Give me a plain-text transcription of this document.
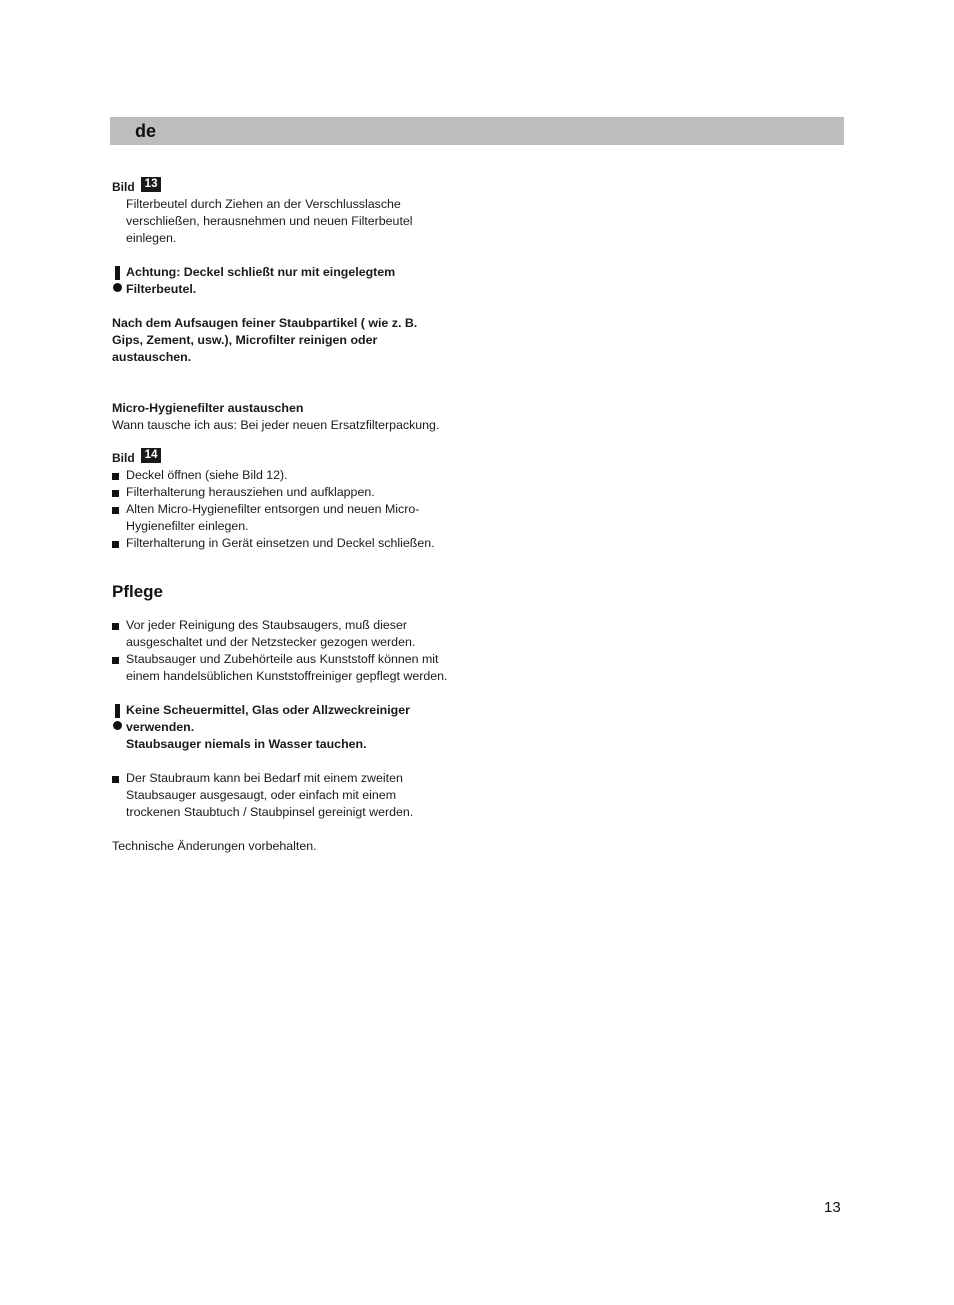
de
Bild 13
Filterbeutel durch Ziehen an der Verschlusslasche verschließen, herausnehmen und neuen Filterbeutel einlegen.
Achtung: Deckel schließt nur mit eingelegtem
Filterbeutel.
Nach dem Aufsaugen feiner Staubpartikel ( wie z. B. Gips, Zement, usw.), Microfilter reinigen oder austauschen.
Micro-Hygienefilter austauschen
Wann tausche ich aus: Bei jeder neuen Ersatzfilterpackung.
Bild 14
Deckel öffnen (siehe Bild 12).
Filterhalterung herausziehen und aufklappen.
Alten Micro-Hygienefilter entsorgen und neuen Micro-Hygienefilter einlegen.
Filterhalterung in Gerät einsetzen und Deckel schließen.
Pflege
Vor jeder Reinigung des Staubsaugers, muß dieser ausgeschaltet und der Netzstecker gezogen werden.
Staubsauger und Zubehörteile aus Kunststoff können mit einem handelsüblichen Kunststoffreiniger gepflegt werden.
Keine Scheuermittel, Glas oder Allzweckreiniger
verwenden.
Staubsauger niemals in Wasser tauchen.
Der Staubraum kann bei Bedarf mit einem zweiten Staubsauger ausgesaugt, oder einfach mit einem trockenen Staubtuch / Staubpinsel gereinigt werden.
Technische Änderungen vorbehalten.
13
